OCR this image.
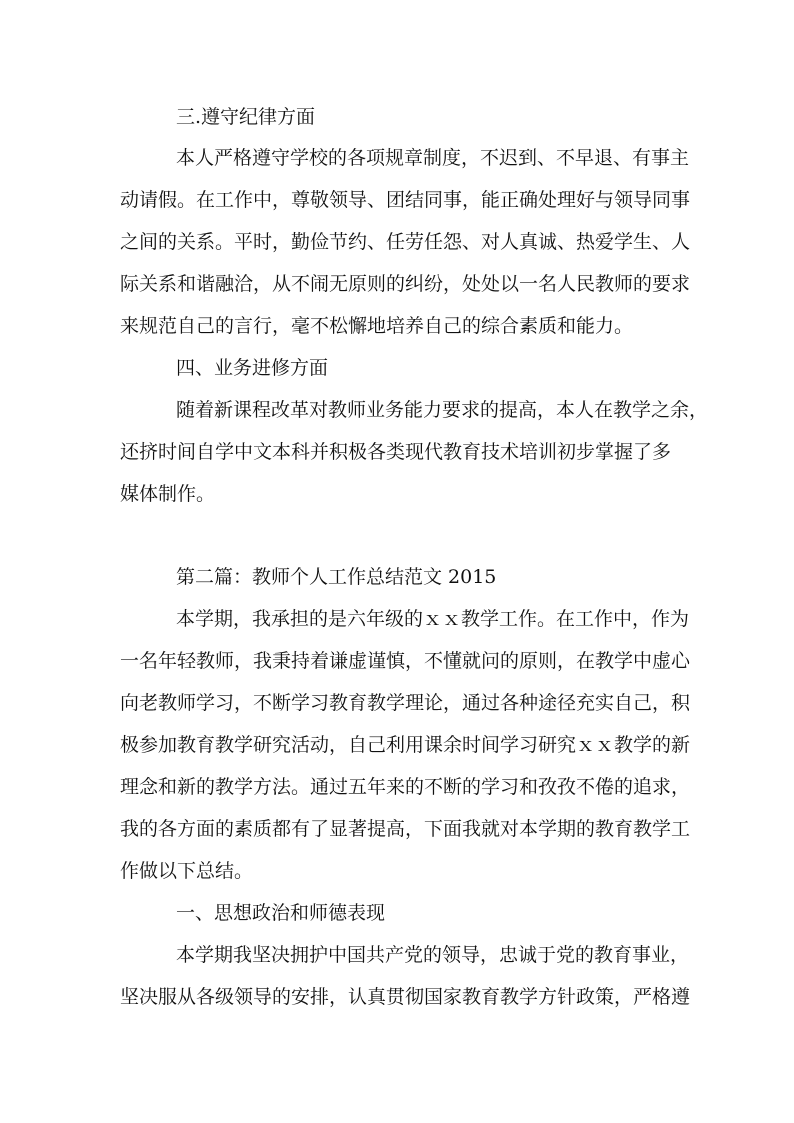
三.遵守纪律方面

本人严格遵守学校的各项规章制度，不迟到、不早退、有事主

动请假。在工作中，尊敬领导、团结同事，能正确处理好与领导同事

之间的关系。平时，勤俭节约、任劳任怨、对人真诚、热爱学生、人

际关系和谐融洽，从不闹无原则的纠纷，处处以一名人民教师的要求

来规范自己的言行，毫不松懈地培养自己的综合素质和能力。

四、业务进修方面

随着新课程改革对教师业务能力要求的提高，本人在教学之余，

还挤时间自学中文本科并积极各类现代教育技术培训初步掌握了多

媒体制作。

第二篇：教师个人工作总结范文 2015

本学期，我承担的是六年级的ｘｘ教学工作。在工作中，作为

一名年轻教师，我秉持着谦虚谨慎，不懂就问的原则，在教学中虚心

向老教师学习，不断学习教育教学理论，通过各种途径充实自己，积

极参加教育教学研究活动，自己利用课余时间学习研究ｘｘ教学的新

理念和新的教学方法。通过五年来的不断的学习和孜孜不倦的追求，

我的各方面的素质都有了显著提高，下面我就对本学期的教育教学工

作做以下总结。

一、思想政治和师德表现

本学期我坚决拥护中国共产党的领导，忠诚于党的教育事业，

坚决服从各级领导的安排，认真贯彻国家教育教学方针政策，严格遵
